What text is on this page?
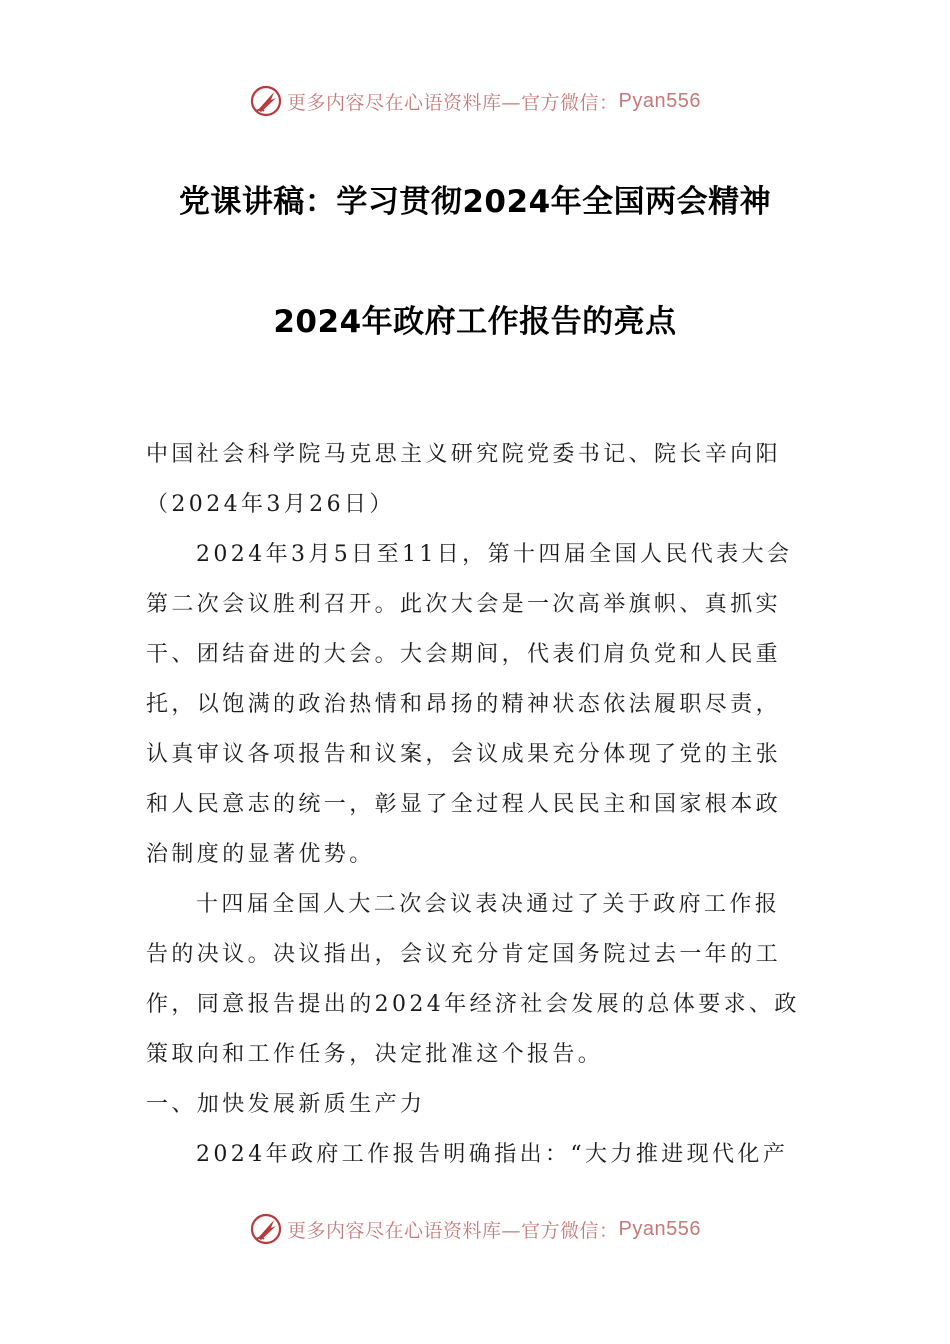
更多内容尽在心语资料库—官方微信： Pyan556
党课讲稿：学习贯彻2024年全国两会精神
2024年政府工作报告的亮点
中国社会科学院马克思主义研究院党委书记、院长辛向阳
（2024年3月26日）
2024年3月5日至11日，第十四届全国人民代表大会
第二次会议胜利召开。此次大会是一次高举旗帜、真抓实
干、团结奋进的大会。大会期间，代表们肩负党和人民重
托，以饱满的政治热情和昂扬的精神状态依法履职尽责，
认真审议各项报告和议案，会议成果充分体现了党的主张
和人民意志的统一，彰显了全过程人民民主和国家根本政
治制度的显著优势。
十四届全国人大二次会议表决通过了关于政府工作报
告的决议。决议指出，会议充分肯定国务院过去一年的工
作，同意报告提出的2024年经济社会发展的总体要求、政
策取向和工作任务，决定批准这个报告。
一、加快发展新质生产力
2024年政府工作报告明确指出：“大力推进现代化产
更多内容尽在心语资料库—官方微信： Pyan556
